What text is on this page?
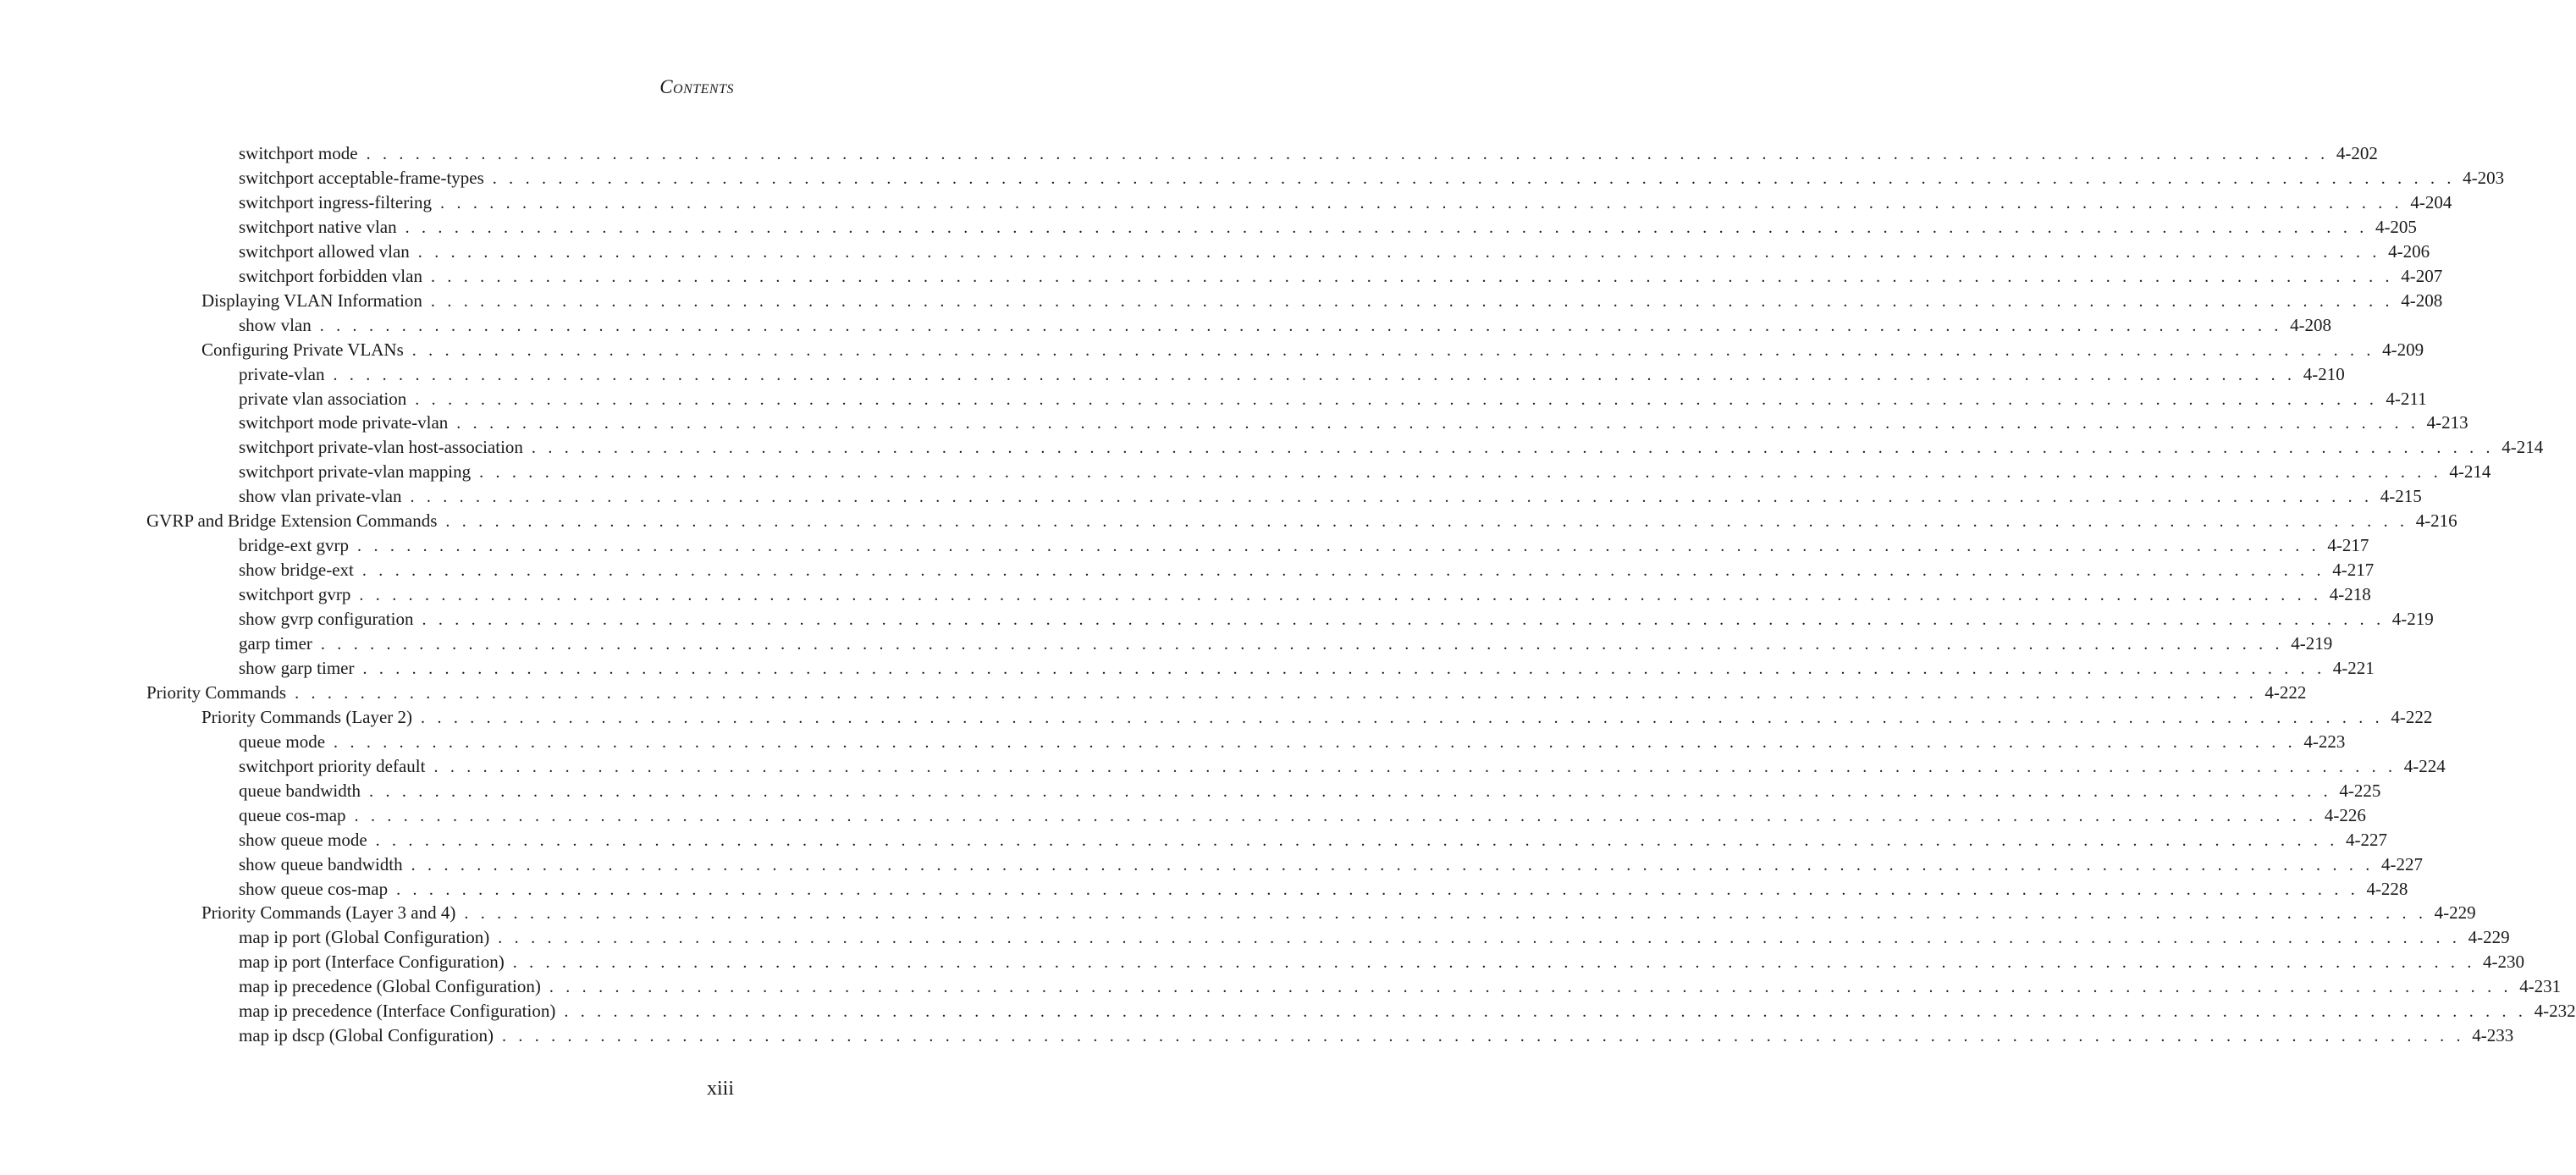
Contents
switchport mode . . . . . . . . . . . . . . . . . . . . . . . . . . . . . . . . . . . . . . . . . . . . . . . . . . . . . . . . . . . . . . . . . . . . . . . . . . . . . . . . . . . . . . . . . . . . . . . . . . . . . . . . . . . . . . . . . . . . . . . . 4-202
switchport acceptable-frame-types . . . . . . . . . . . . . . . . . . . . . . . . . . . . . . . . . . . . . . . . . . . . . . . . . . . . . . . . . . . . . . . . . . . . . . . . . . . . . . . . . . . . . . . . . . . . . . . . . . . . . . . . . . . . . . . . . . . . . . . . 4-203
switchport ingress-filtering . . . . . . . . . . . . . . . . . . . . . . . . . . . . . . . . . . . . . . . . . . . . . . . . . . . . . . . . . . . . . . . . . . . . . . . . . . . . . . . . . . . . . . . . . . . . . . . . . . . . . . . . . . . . . . . . . . . . . . . . 4-204
switchport native vlan . . . . . . . . . . . . . . . . . . . . . . . . . . . . . . . . . . . . . . . . . . . . . . . . . . . . . . . . . . . . . . . . . . . . . . . . . . . . . . . . . . . . . . . . . . . . . . . . . . . . . . . . . . . . . . . . . . . . . . . . 4-205
switchport allowed vlan . . . . . . . . . . . . . . . . . . . . . . . . . . . . . . . . . . . . . . . . . . . . . . . . . . . . . . . . . . . . . . . . . . . . . . . . . . . . . . . . . . . . . . . . . . . . . . . . . . . . . . . . . . . . . . . . . . . . . . . . 4-206
switchport forbidden vlan . . . . . . . . . . . . . . . . . . . . . . . . . . . . . . . . . . . . . . . . . . . . . . . . . . . . . . . . . . . . . . . . . . . . . . . . . . . . . . . . . . . . . . . . . . . . . . . . . . . . . . . . . . . . . . . . . . . . . . . . 4-207
Displaying VLAN Information . . . . . . . . . . . . . . . . . . . . . . . . . . . . . . . . . . . . . . . . . . . . . . . . . . . . . . . . . . . . . . . . . . . . . . . . . . . . . . . . . . . . . . . . . . . . . . . . . . . . . . . . . . . . . . . . . . . . . . . . 4-208
show vlan . . . . . . . . . . . . . . . . . . . . . . . . . . . . . . . . . . . . . . . . . . . . . . . . . . . . . . . . . . . . . . . . . . . . . . . . . . . . . . . . . . . . . . . . . . . . . . . . . . . . . . . . . . . . . . . . . . . . . . . . 4-208
Configuring Private VLANs . . . . . . . . . . . . . . . . . . . . . . . . . . . . . . . . . . . . . . . . . . . . . . . . . . . . . . . . . . . . . . . . . . . . . . . . . . . . . . . . . . . . . . . . . . . . . . . . . . . . . . . . . . . . . . . . . . . . . . . . 4-209
private-vlan . . . . . . . . . . . . . . . . . . . . . . . . . . . . . . . . . . . . . . . . . . . . . . . . . . . . . . . . . . . . . . . . . . . . . . . . . . . . . . . . . . . . . . . . . . . . . . . . . . . . . . . . . . . . . . . . . . . . . . . . 4-210
private vlan association . . . . . . . . . . . . . . . . . . . . . . . . . . . . . . . . . . . . . . . . . . . . . . . . . . . . . . . . . . . . . . . . . . . . . . . . . . . . . . . . . . . . . . . . . . . . . . . . . . . . . . . . . . . . . . . . . . . . . . . . 4-211
switchport mode private-vlan . . . . . . . . . . . . . . . . . . . . . . . . . . . . . . . . . . . . . . . . . . . . . . . . . . . . . . . . . . . . . . . . . . . . . . . . . . . . . . . . . . . . . . . . . . . . . . . . . . . . . . . . . . . . . . . . . . . . . . . . 4-213
switchport private-vlan host-association . . . . . . . . . . . . . . . . . . . . . . . . . . . . . . . . . . . . . . . . . . . . . . . . . . . . . . . . . . . . . . . . . . . . . . . . . . . . . . . . . . . . . . . . . . . . . . . . . . . . . . . . . . . . . . . . . . . . . . . . 4-214
switchport private-vlan mapping . . . . . . . . . . . . . . . . . . . . . . . . . . . . . . . . . . . . . . . . . . . . . . . . . . . . . . . . . . . . . . . . . . . . . . . . . . . . . . . . . . . . . . . . . . . . . . . . . . . . . . . . . . . . . . . . . . . . . . . . 4-214
show vlan private-vlan . . . . . . . . . . . . . . . . . . . . . . . . . . . . . . . . . . . . . . . . . . . . . . . . . . . . . . . . . . . . . . . . . . . . . . . . . . . . . . . . . . . . . . . . . . . . . . . . . . . . . . . . . . . . . . . . . . . . . . . . 4-215
GVRP and Bridge Extension Commands . . . . . . . . . . . . . . . . . . . . . . . . . . . . . . . . . . . . . . . . . . . . . . . . . . . . . . . . . . . . . . . . . . . . . . . . . . . . . . . . . . . . . . . . . . . . . . . . . . . . . . . . . . . . . . . . . . . . . . . . 4-216
bridge-ext gvrp . . . . . . . . . . . . . . . . . . . . . . . . . . . . . . . . . . . . . . . . . . . . . . . . . . . . . . . . . . . . . . . . . . . . . . . . . . . . . . . . . . . . . . . . . . . . . . . . . . . . . . . . . . . . . . . . . . . . . . . . 4-217
show bridge-ext . . . . . . . . . . . . . . . . . . . . . . . . . . . . . . . . . . . . . . . . . . . . . . . . . . . . . . . . . . . . . . . . . . . . . . . . . . . . . . . . . . . . . . . . . . . . . . . . . . . . . . . . . . . . . . . . . . . . . . . . 4-217
switchport gvrp . . . . . . . . . . . . . . . . . . . . . . . . . . . . . . . . . . . . . . . . . . . . . . . . . . . . . . . . . . . . . . . . . . . . . . . . . . . . . . . . . . . . . . . . . . . . . . . . . . . . . . . . . . . . . . . . . . . . . . . . 4-218
show gvrp configuration . . . . . . . . . . . . . . . . . . . . . . . . . . . . . . . . . . . . . . . . . . . . . . . . . . . . . . . . . . . . . . . . . . . . . . . . . . . . . . . . . . . . . . . . . . . . . . . . . . . . . . . . . . . . . . . . . . . . . . . . 4-219
garp timer . . . . . . . . . . . . . . . . . . . . . . . . . . . . . . . . . . . . . . . . . . . . . . . . . . . . . . . . . . . . . . . . . . . . . . . . . . . . . . . . . . . . . . . . . . . . . . . . . . . . . . . . . . . . . . . . . . . . . . . . 4-219
show garp timer . . . . . . . . . . . . . . . . . . . . . . . . . . . . . . . . . . . . . . . . . . . . . . . . . . . . . . . . . . . . . . . . . . . . . . . . . . . . . . . . . . . . . . . . . . . . . . . . . . . . . . . . . . . . . . . . . . . . . . . . 4-221
Priority Commands . . . . . . . . . . . . . . . . . . . . . . . . . . . . . . . . . . . . . . . . . . . . . . . . . . . . . . . . . . . . . . . . . . . . . . . . . . . . . . . . . . . . . . . . . . . . . . . . . . . . . . . . . . . . . . . . . . . . . . . . 4-222
Priority Commands (Layer 2) . . . . . . . . . . . . . . . . . . . . . . . . . . . . . . . . . . . . . . . . . . . . . . . . . . . . . . . . . . . . . . . . . . . . . . . . . . . . . . . . . . . . . . . . . . . . . . . . . . . . . . . . . . . . . . . . . . . . . . . . 4-222
queue mode . . . . . . . . . . . . . . . . . . . . . . . . . . . . . . . . . . . . . . . . . . . . . . . . . . . . . . . . . . . . . . . . . . . . . . . . . . . . . . . . . . . . . . . . . . . . . . . . . . . . . . . . . . . . . . . . . . . . . . . . 4-223
switchport priority default . . . . . . . . . . . . . . . . . . . . . . . . . . . . . . . . . . . . . . . . . . . . . . . . . . . . . . . . . . . . . . . . . . . . . . . . . . . . . . . . . . . . . . . . . . . . . . . . . . . . . . . . . . . . . . . . . . . . . . . . 4-224
queue bandwidth . . . . . . . . . . . . . . . . . . . . . . . . . . . . . . . . . . . . . . . . . . . . . . . . . . . . . . . . . . . . . . . . . . . . . . . . . . . . . . . . . . . . . . . . . . . . . . . . . . . . . . . . . . . . . . . . . . . . . . . . 4-225
queue cos-map . . . . . . . . . . . . . . . . . . . . . . . . . . . . . . . . . . . . . . . . . . . . . . . . . . . . . . . . . . . . . . . . . . . . . . . . . . . . . . . . . . . . . . . . . . . . . . . . . . . . . . . . . . . . . . . . . . . . . . . . 4-226
show queue mode . . . . . . . . . . . . . . . . . . . . . . . . . . . . . . . . . . . . . . . . . . . . . . . . . . . . . . . . . . . . . . . . . . . . . . . . . . . . . . . . . . . . . . . . . . . . . . . . . . . . . . . . . . . . . . . . . . . . . . . . 4-227
show queue bandwidth . . . . . . . . . . . . . . . . . . . . . . . . . . . . . . . . . . . . . . . . . . . . . . . . . . . . . . . . . . . . . . . . . . . . . . . . . . . . . . . . . . . . . . . . . . . . . . . . . . . . . . . . . . . . . . . . . . . . . . . . 4-227
show queue cos-map . . . . . . . . . . . . . . . . . . . . . . . . . . . . . . . . . . . . . . . . . . . . . . . . . . . . . . . . . . . . . . . . . . . . . . . . . . . . . . . . . . . . . . . . . . . . . . . . . . . . . . . . . . . . . . . . . . . . . . . . 4-228
Priority Commands (Layer 3 and 4) . . . . . . . . . . . . . . . . . . . . . . . . . . . . . . . . . . . . . . . . . . . . . . . . . . . . . . . . . . . . . . . . . . . . . . . . . . . . . . . . . . . . . . . . . . . . . . . . . . . . . . . . . . . . . . . . . . . . . . . . 4-229
map ip port (Global Configuration) . . . . . . . . . . . . . . . . . . . . . . . . . . . . . . . . . . . . . . . . . . . . . . . . . . . . . . . . . . . . . . . . . . . . . . . . . . . . . . . . . . . . . . . . . . . . . . . . . . . . . . . . . . . . . . . . . . . . . . . . 4-229
map ip port (Interface Configuration) . . . . . . . . . . . . . . . . . . . . . . . . . . . . . . . . . . . . . . . . . . . . . . . . . . . . . . . . . . . . . . . . . . . . . . . . . . . . . . . . . . . . . . . . . . . . . . . . . . . . . . . . . . . . . . . . . . . . . . . . 4-230
map ip precedence (Global Configuration) . . . . . . . . . . . . . . . . . . . . . . . . . . . . . . . . . . . . . . . . . . . . . . . . . . . . . . . . . . . . . . . . . . . . . . . . . . . . . . . . . . . . . . . . . . . . . . . . . . . . . . . . . . . . . . . . . . . . . . . . 4-231
map ip precedence (Interface Configuration) . . . . . . . . . . . . . . . . . . . . . . . . . . . . . . . . . . . . . . . . . . . . . . . . . . . . . . . . . . . . . . . . . . . . . . . . . . . . . . . . . . . . . . . . . . . . . . . . . . . . . . . . . . . . . . . . . . . . . . . . 4-232
map ip dscp (Global Configuration) . . . . . . . . . . . . . . . . . . . . . . . . . . . . . . . . . . . . . . . . . . . . . . . . . . . . . . . . . . . . . . . . . . . . . . . . . . . . . . . . . . . . . . . . . . . . . . . . . . . . . . . . . . . . . . . . . . . . . . . . 4-233
xiii
